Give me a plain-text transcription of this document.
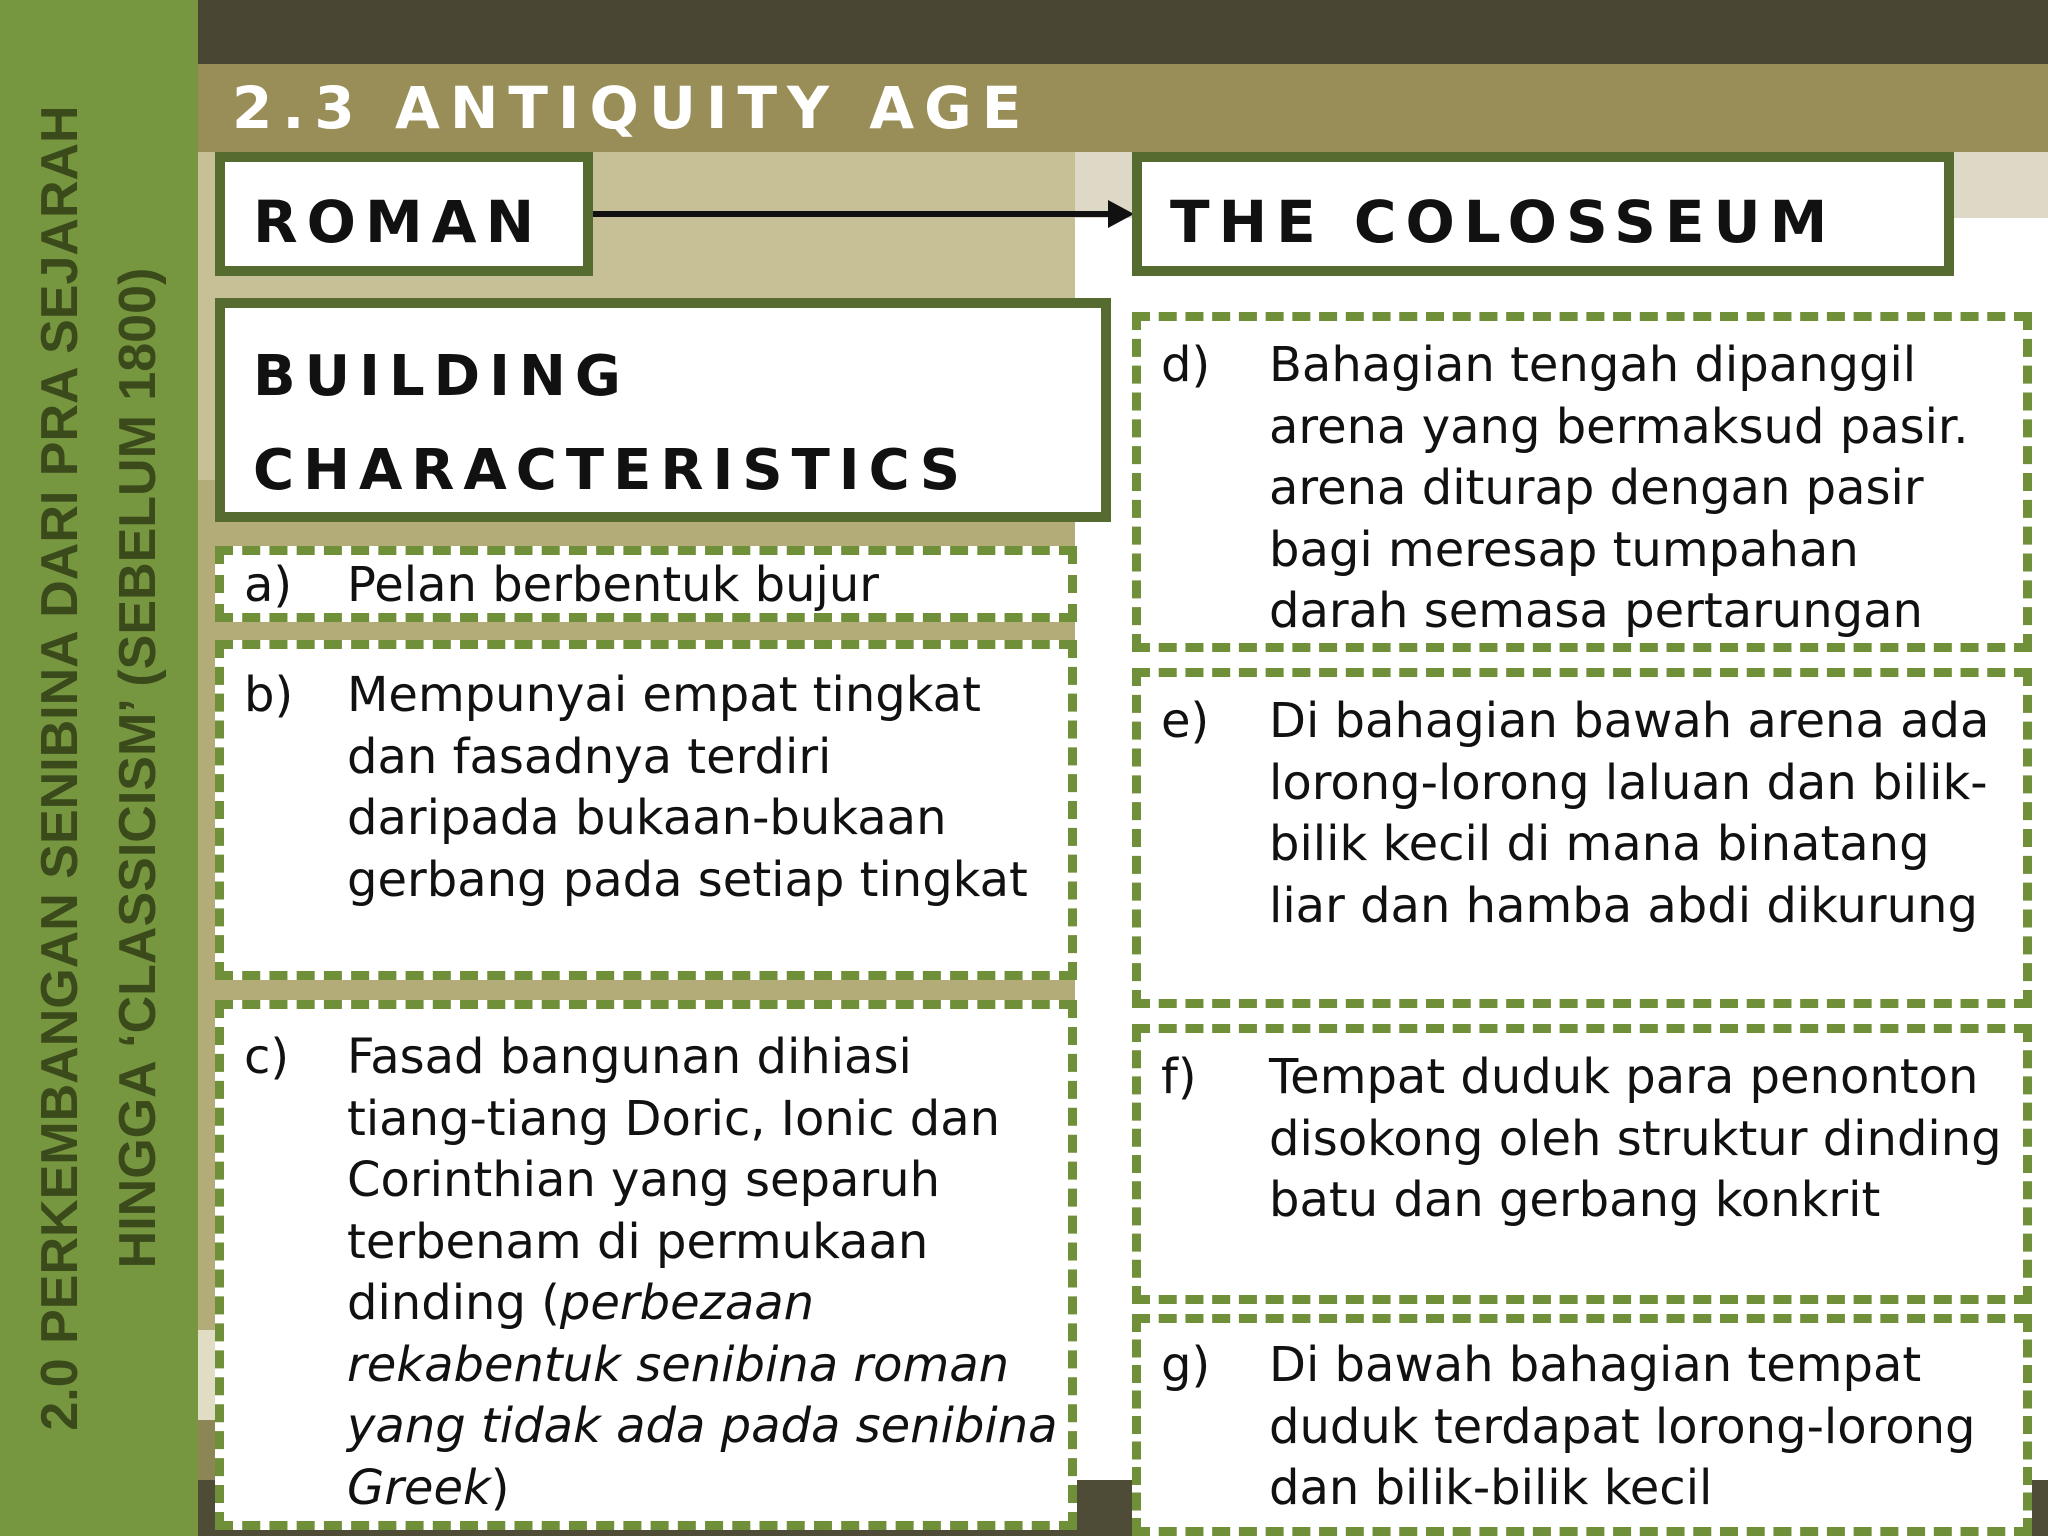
2.0 PERKEMBANGAN SENIBINA DARI PRA SEJARAH HINGGA ‘CLASSICISM’ (SEBELUM 1800)
2.3 ANTIQUITY AGE
ROMAN	THE COLOSSEUM
BUILDING
CHARACTERISTICS
a) Pelan berbentuk bujur
b) Mempunyai empat tingkat dan fasadnya terdiri daripada bukaan-bukaan gerbang pada setiap tingkat
c) Fasad bangunan dihiasi tiang-tiang Doric, Ionic dan Corinthian yang separuh terbenam di permukaan dinding (perbezaan rekabentuk senibina roman yang tidak ada pada senibina Greek)
d) Bahagian tengah dipanggil arena yang bermaksud pasir. arena diturap dengan pasir bagi meresap tumpahan darah semasa pertarungan
e) Di bahagian bawah arena ada lorong-lorong laluan dan bilik-bilik kecil di mana binatang liar dan hamba abdi dikurung
f) Tempat duduk para penonton disokong oleh struktur dinding batu dan gerbang konkrit
g) Di bawah bahagian tempat duduk terdapat lorong-lorong dan bilik-bilik kecil
